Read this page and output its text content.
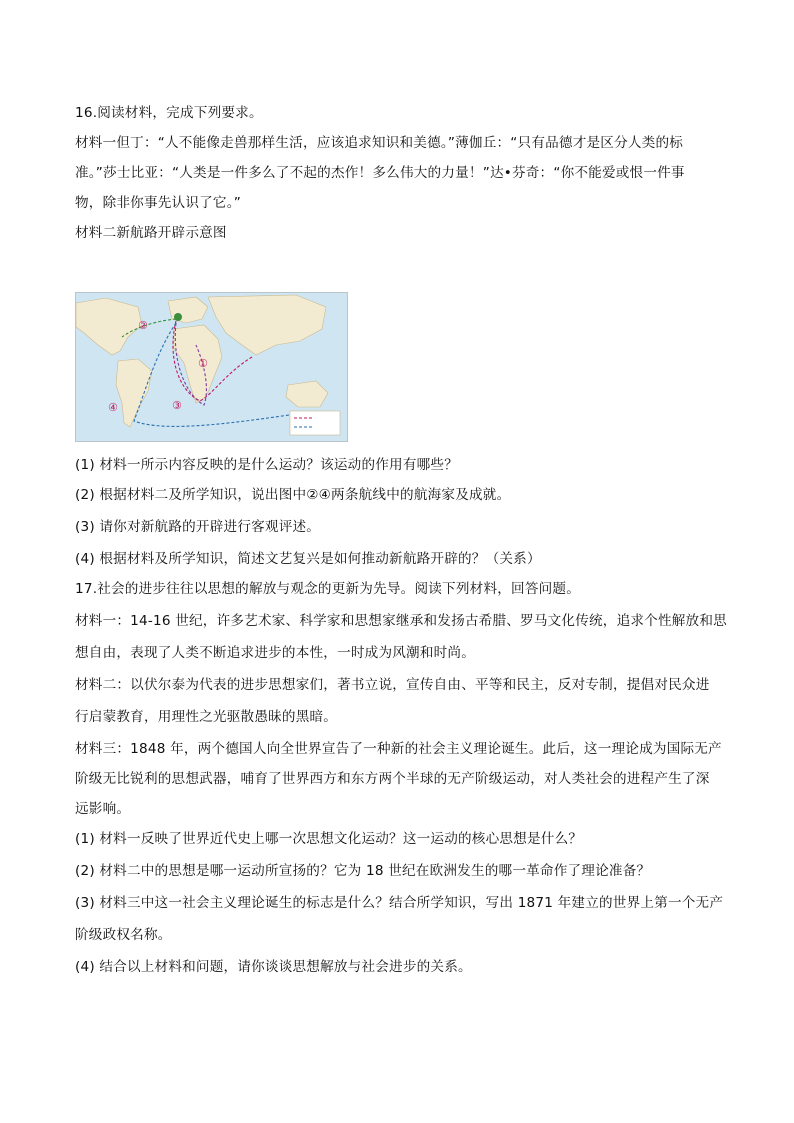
16.阅读材料，完成下列要求。
材料一但丁：“人不能像走兽那样生活，应该追求知识和美德。”薄伽丘：“只有品德才是区分人类的标
准。”莎士比亚：“人类是一件多么了不起的杰作！多么伟大的力量！”达•芬奇：“你不能爱或恨一件事
物，除非你事先认识了它。”
材料二新航路开辟示意图
②
①
③
④
(1) 材料一所示内容反映的是什么运动？该运动的作用有哪些？
(2) 根据材料二及所学知识，说出图中②④两条航线中的航海家及成就。
(3) 请你对新航路的开辟进行客观评述。
(4) 根据材料及所学知识，简述文艺复兴是如何推动新航路开辟的？（关系）
17.社会的进步往往以思想的解放与观念的更新为先导。阅读下列材料，回答问题。
材料一：14-16 世纪，许多艺术家、科学家和思想家继承和发扬古希腊、罗马文化传统，追求个性解放和思
想自由，表现了人类不断追求进步的本性，一时成为风潮和时尚。
材料二：以伏尔泰为代表的进步思想家们，著书立说，宣传自由、平等和民主，反对专制，提倡对民众进
行启蒙教育，用理性之光驱散愚昧的黑暗。
材料三：1848 年，两个德国人向全世界宣告了一种新的社会主义理论诞生。此后，这一理论成为国际无产
阶级无比锐利的思想武器，哺育了世界西方和东方两个半球的无产阶级运动，对人类社会的进程产生了深
远影响。
(1) 材料一反映了世界近代史上哪一次思想文化运动？这一运动的核心思想是什么？
(2) 材料二中的思想是哪一运动所宣扬的？它为 18 世纪在欧洲发生的哪一革命作了理论准备？
(3) 材料三中这一社会主义理论诞生的标志是什么？结合所学知识，写出 1871 年建立的世界上第一个无产
阶级政权名称。
(4) 结合以上材料和问题，请你谈谈思想解放与社会进步的关系。
